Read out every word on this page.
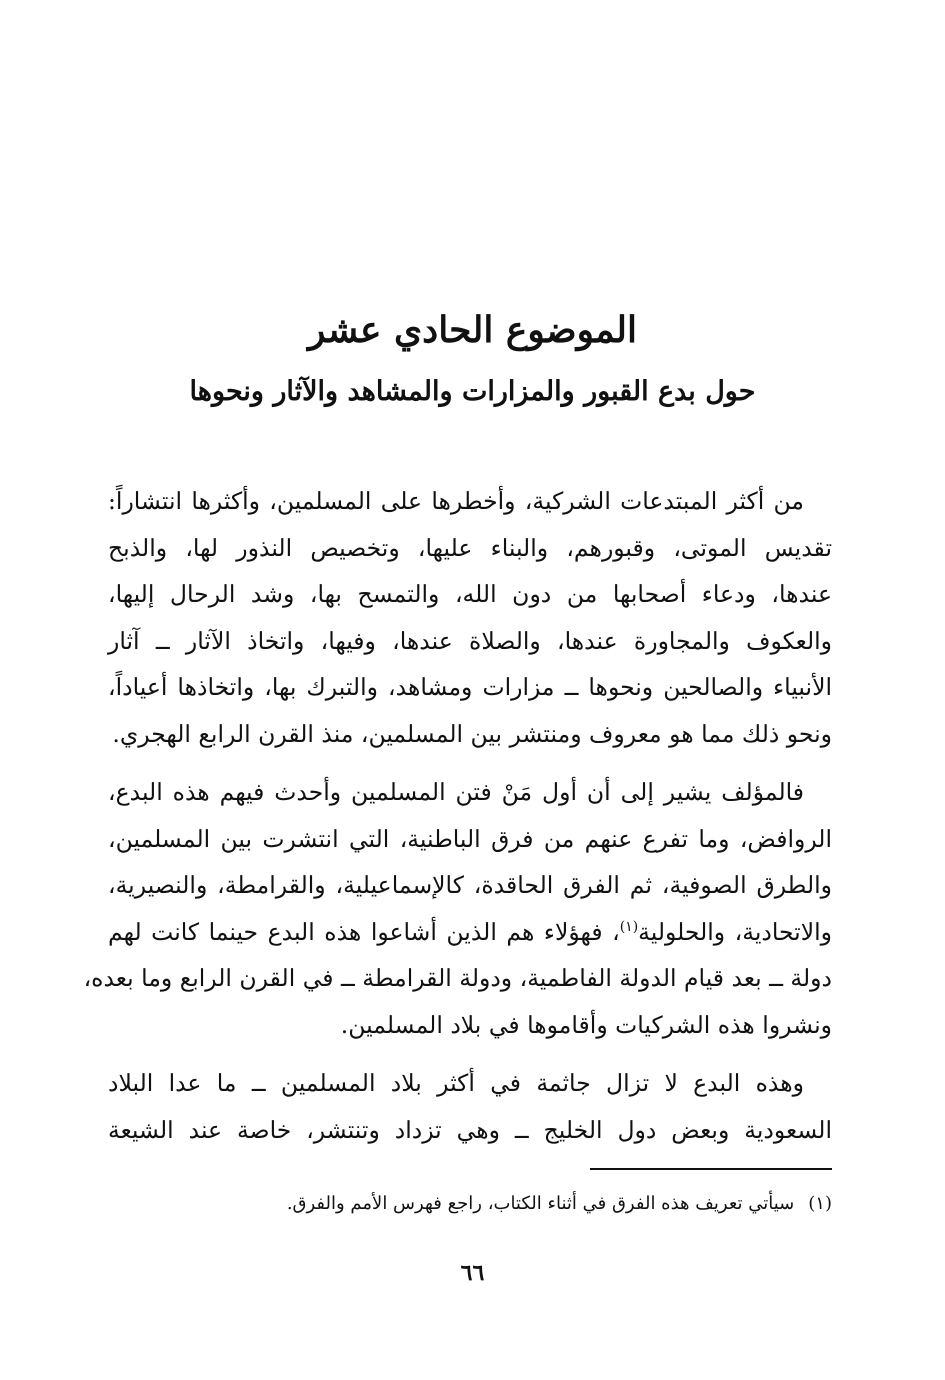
الموضوع الحادي عشر
حول بدع القبور والمزارات والمشاهد والآثار ونحوها
من أكثر المبتدعات الشركية، وأخطرها على المسلمين، وأكثرها انتشاراً:
تقديس الموتى، وقبورهم، والبناء عليها، وتخصيص النذور لها، والذبح
عندها، ودعاء أصحابها من دون الله، والتمسح بها، وشد الرحال إليها،
والعكوف والمجاورة عندها، والصلاة عندها، وفيها، واتخاذ الآثار ــ آثار
الأنبياء والصالحين ونحوها ــ مزارات ومشاهد، والتبرك بها، واتخاذها أعياداً،
ونحو ذلك مما هو معروف ومنتشر بين المسلمين، منذ القرن الرابع الهجري.
فالمؤلف يشير إلى أن أول مَنْ فتن المسلمين وأحدث فيهم هذه البدع،
الروافض، وما تفرع عنهم من فرق الباطنية، التي انتشرت بين المسلمين،
والطرق الصوفية، ثم الفرق الحاقدة، كالإسماعيلية، والقرامطة، والنصيرية،
والاتحادية، والحلولية$^{(١)}$، فهؤلاء هم الذين أشاعوا هذه البدع حينما كانت لهم
دولة ــ بعد قيام الدولة الفاطمية، ودولة القرامطة ــ في القرن الرابع وما بعده،
ونشروا هذه الشركيات وأقاموها في بلاد المسلمين.
وهذه البدع لا تزال جاثمة في أكثر بلاد المسلمين ــ ما عدا البلاد
السعودية وبعض دول الخليج ــ وهي تزداد وتنتشر، خاصة عند الشيعة
(١)سيأتي تعريف هذه الفرق في أثناء الكتاب، راجع فهرس الأمم والفرق.
٦٦
